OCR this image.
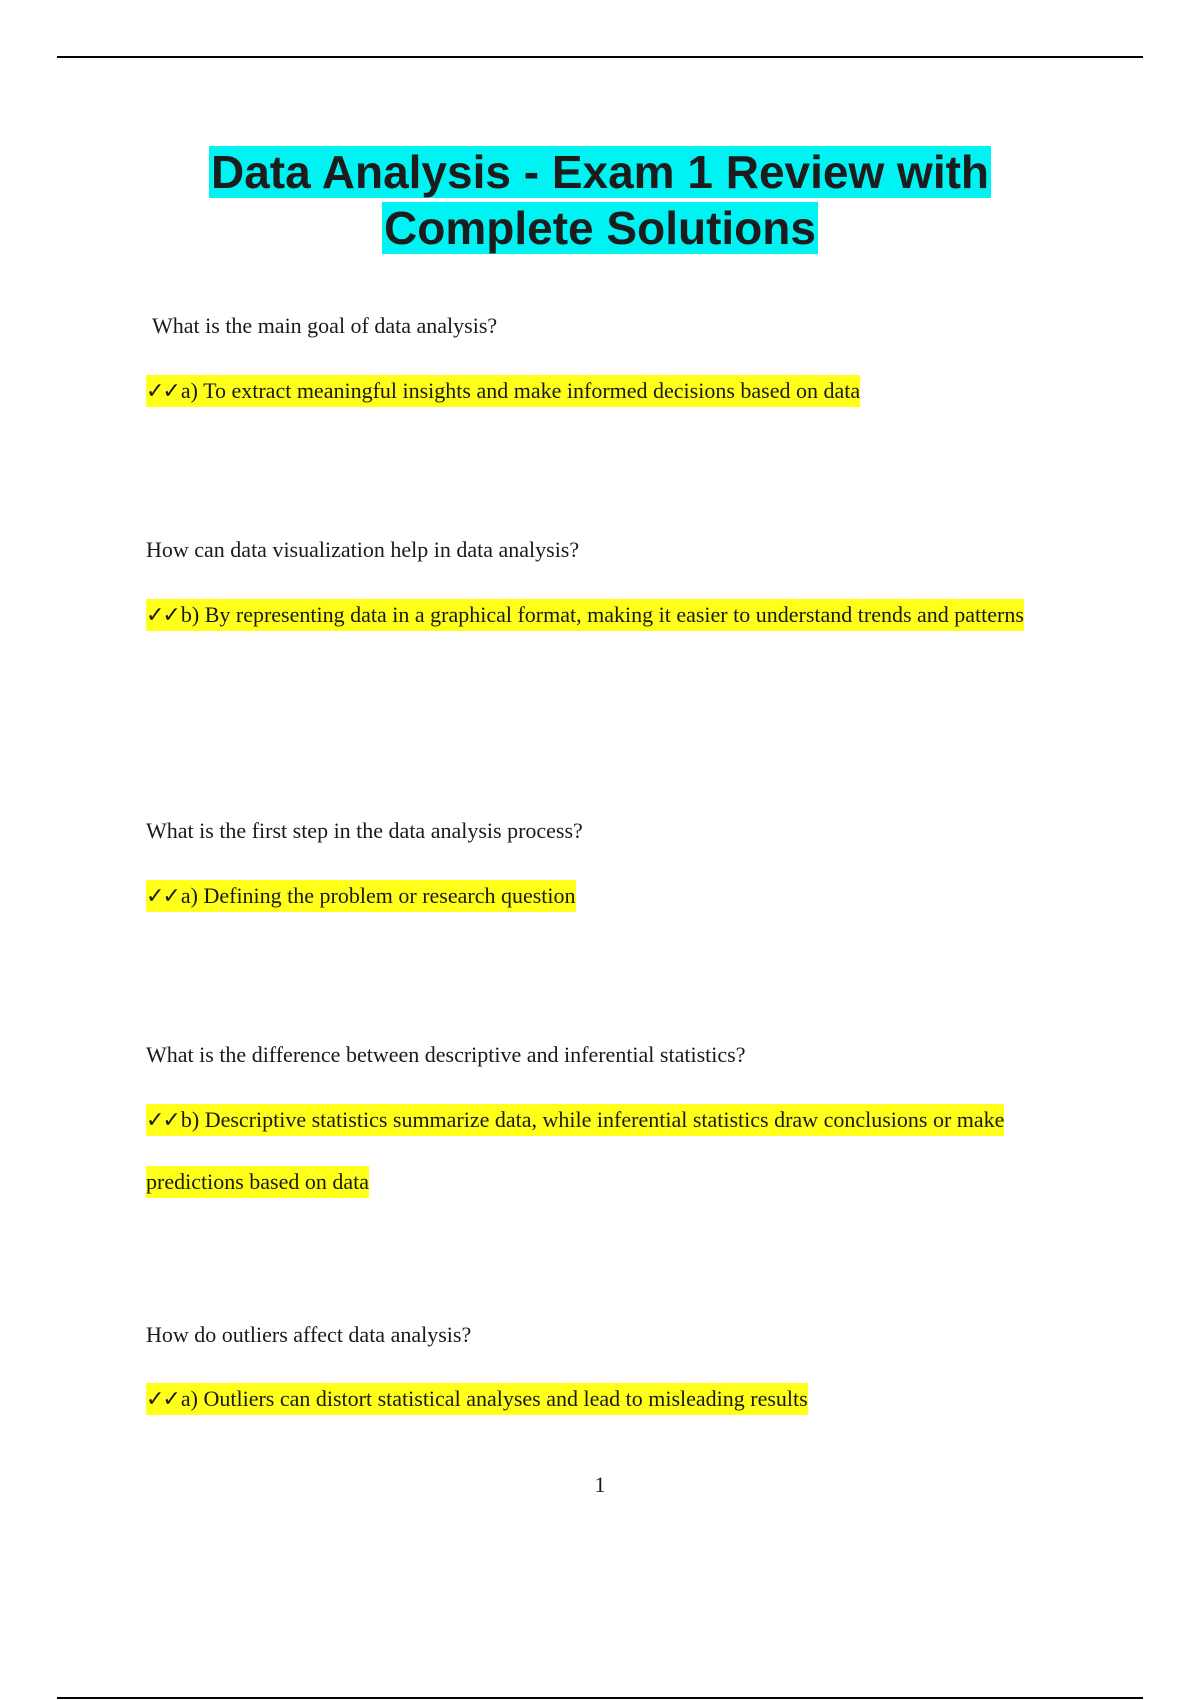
Data Analysis - Exam 1 Review with
Complete Solutions
What is the main goal of data analysis?
✓✓a) To extract meaningful insights and make informed decisions based on data
How can data visualization help in data analysis?
✓✓b) By representing data in a graphical format, making it easier to understand trends and patterns
What is the first step in the data analysis process?
✓✓a) Defining the problem or research question
What is the difference between descriptive and inferential statistics?
✓✓b) Descriptive statistics summarize data, while inferential statistics draw conclusions or make predictions based on data
How do outliers affect data analysis?
✓✓a) Outliers can distort statistical analyses and lead to misleading results
1
